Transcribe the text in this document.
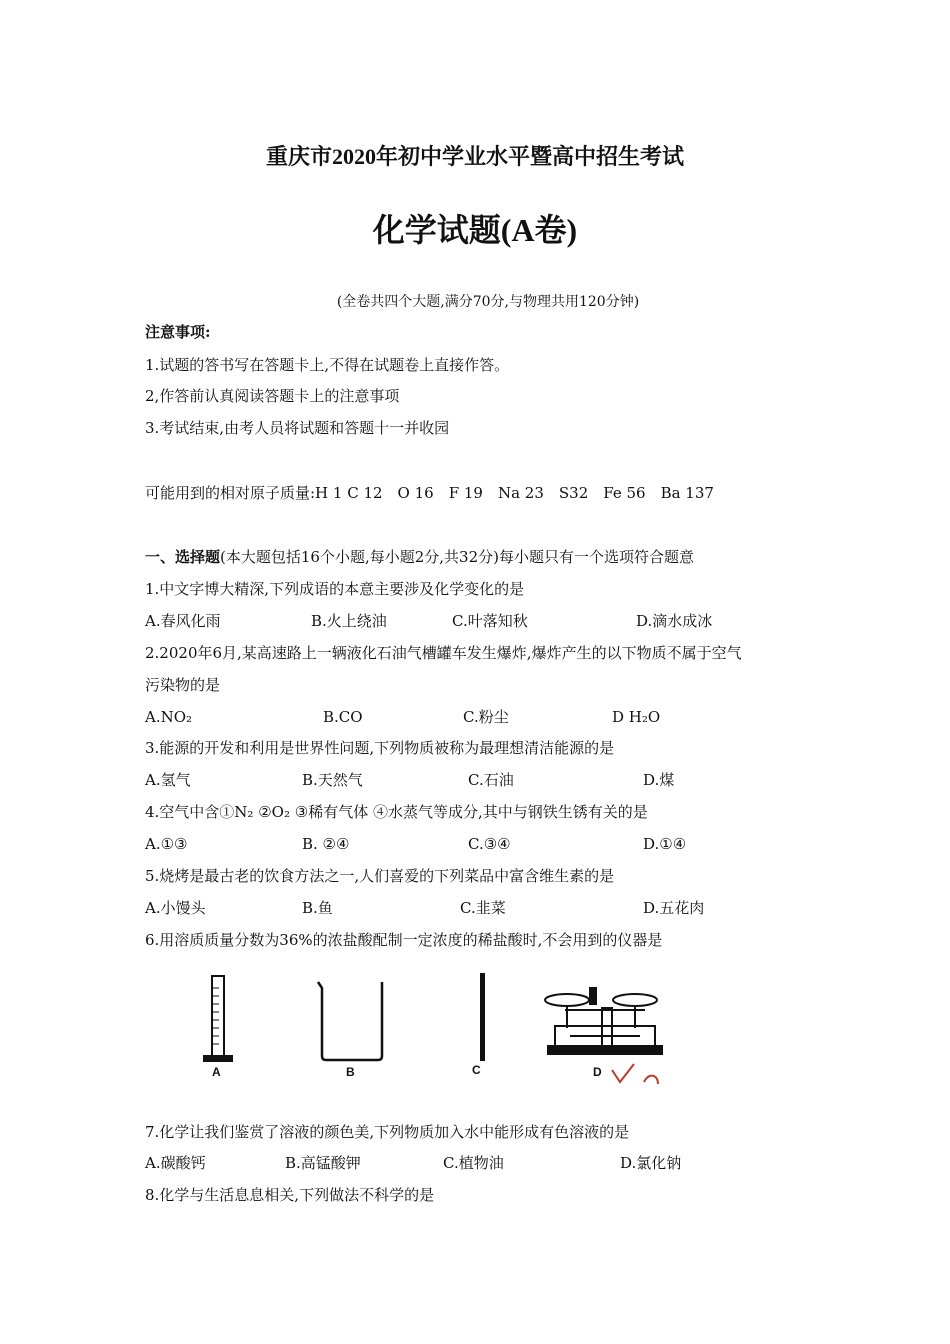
重庆市2020年初中学业水平暨高中招生考试
化学试题(A卷)
(全卷共四个大题,满分70分,与物理共用120分钟)
注意事项:
1.试题的答书写在答题卡上,不得在试题卷上直接作答。
2,作答前认真阅读答题卡上的注意事项
3.考试结束,由考人员将试题和答题十一并收园
可能用到的相对原子质量:H 1 C 12　O 16　F 19　Na 23　S32　Fe 56　Ba 137
一、选择题(本大题包括16个小题,每小题2分,共32分)每小题只有一个选项符合题意
1.中文字博大精深,下列成语的本意主要涉及化学变化的是
A.春风化雨	B.火上绕油	C.叶落知秋	D.滴水成冰
2.2020年6月,某高速路上一辆液化石油气槽罐车发生爆炸,爆炸产生的以下物质不属于空气
污染物的是
A.NO₂	B.CO	C.粉尘	D H₂O
3.能源的开发和利用是世界性问题,下列物质被称为最理想清洁能源的是
A.氢气	B.天然气	C.石油	D.煤
4.空气中含①N₂ ②O₂ ③稀有气体 ④水蒸气等成分,其中与钢铁生锈有关的是
A.①③	B. ②④	C.③④	D.①④
5.烧烤是最古老的饮食方法之一,人们喜爱的下列菜品中富含维生素的是
A.小馒头	B.鱼	C.韭菜	D.五花肉
6.用溶质质量分数为36%的浓盐酸配制一定浓度的稀盐酸时,不会用到的仪器是
A	B	C	D
7.化学让我们鉴赏了溶液的颜色美,下列物质加入水中能形成有色溶液的是
A.碳酸钙	B.高锰酸钾	C.植物油	D.氯化钠
8.化学与生活息息相关,下列做法不科学的是
